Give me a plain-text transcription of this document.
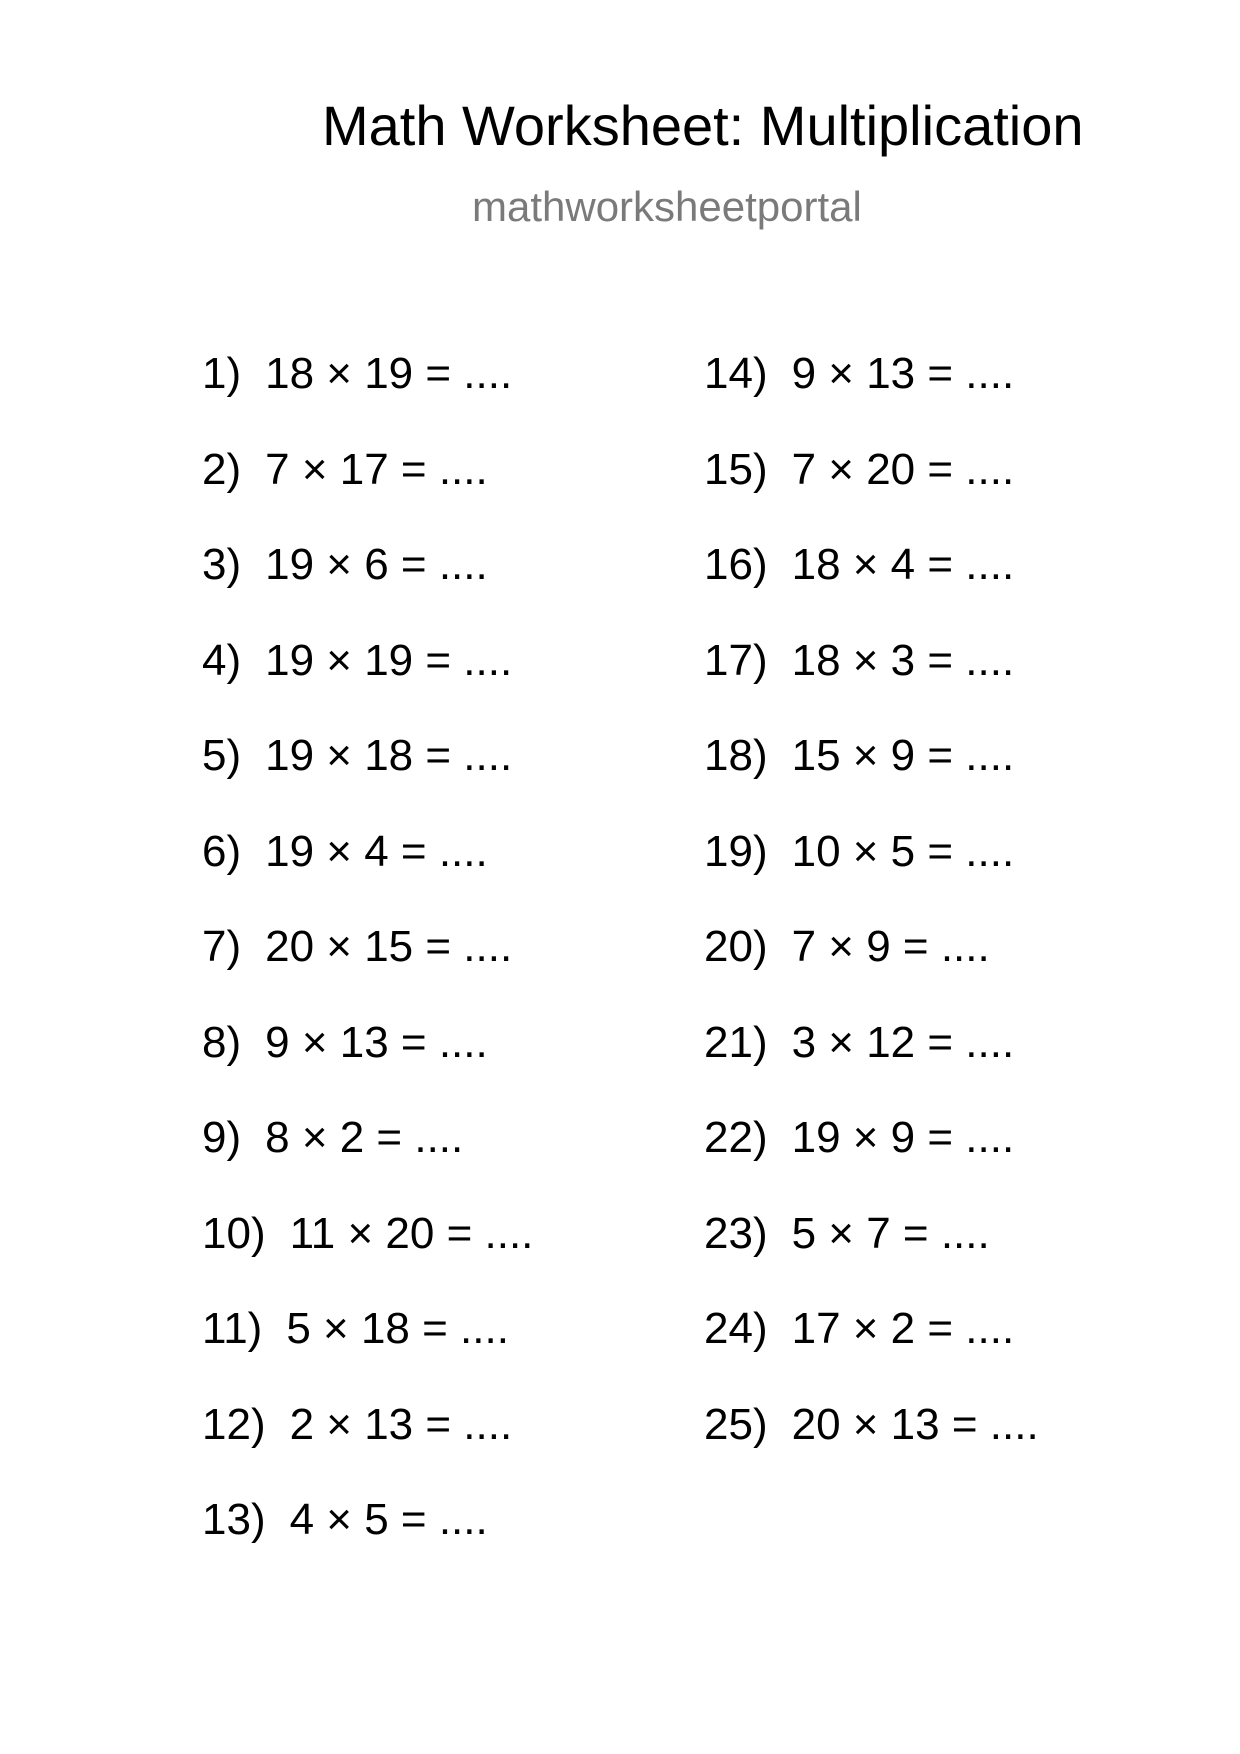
Math Worksheet: Multiplication
mathworksheetportal
1) 18 × 19 = ....
2) 7 × 17 = ....
3) 19 × 6 = ....
4) 19 × 19 = ....
5) 19 × 18 = ....
6) 19 × 4 = ....
7) 20 × 15 = ....
8) 9 × 13 = ....
9) 8 × 2 = ....
10) 11 × 20 = ....
11) 5 × 18 = ....
12) 2 × 13 = ....
13) 4 × 5 = ....
14) 9 × 13 = ....
15) 7 × 20 = ....
16) 18 × 4 = ....
17) 18 × 3 = ....
18) 15 × 9 = ....
19) 10 × 5 = ....
20) 7 × 9 = ....
21) 3 × 12 = ....
22) 19 × 9 = ....
23) 5 × 7 = ....
24) 17 × 2 = ....
25) 20 × 13 = ....
